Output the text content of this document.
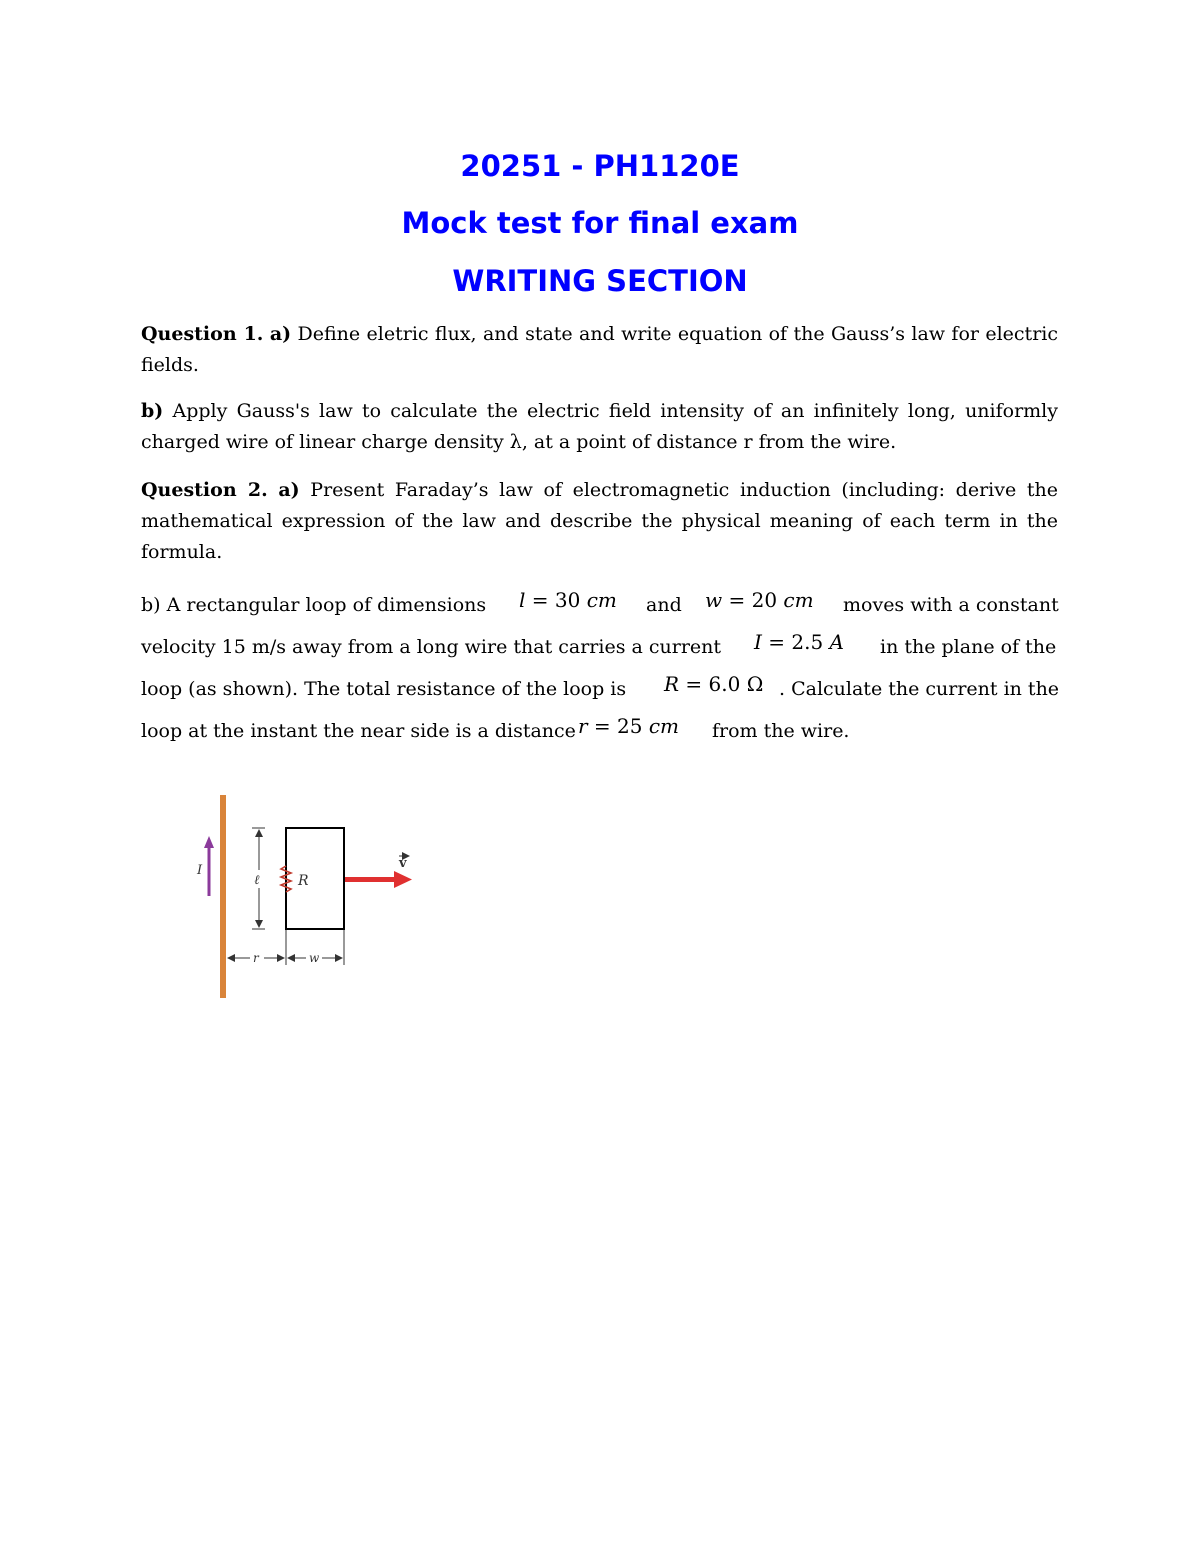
20251 - PH1120E
Mock test for final exam
WRITING SECTION
Question 1. a) Define eletric flux, and state and write equation of the Gauss’s law for electric fields.
b) Apply Gauss's law to calculate the electric field intensity of an infinitely long, uniformly charged wire of linear charge density λ, at a point of distance r from the wire.
Question 2. a) Present Faraday’s law of electromagnetic induction (including: derive the mathematical expression of the law and describe the physical meaning of each term in the formula.
b) A rectangular loop of dimensions l = 30 cm and w = 20 cm moves with a constant
velocity 15 m/s away from a long wire that carries a current I = 2.5 A in the plane of the
loop (as shown). The total resistance of the loop is R = 6.0 Ω . Calculate the current in the
loop at the instant the near side is a distance r = 25 cm from the wire.
I
ℓ	R
v
r	w
